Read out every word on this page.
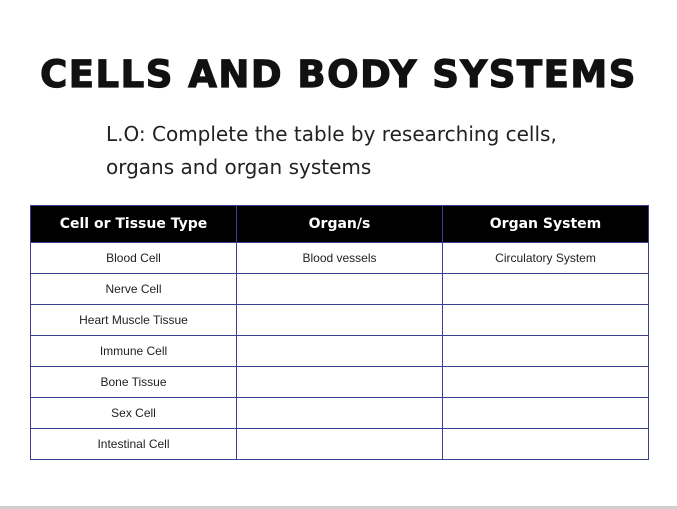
CELLS AND BODY SYSTEMS
L.O: Complete the table by researching cells,
organs and organ systems
Cell or Tissue Type	Organ/s	Organ System
Blood Cell	Blood vessels	Circulatory System
Nerve Cell		
Heart Muscle Tissue		
Immune Cell		
Bone Tissue		
Sex Cell		
Intestinal Cell		
